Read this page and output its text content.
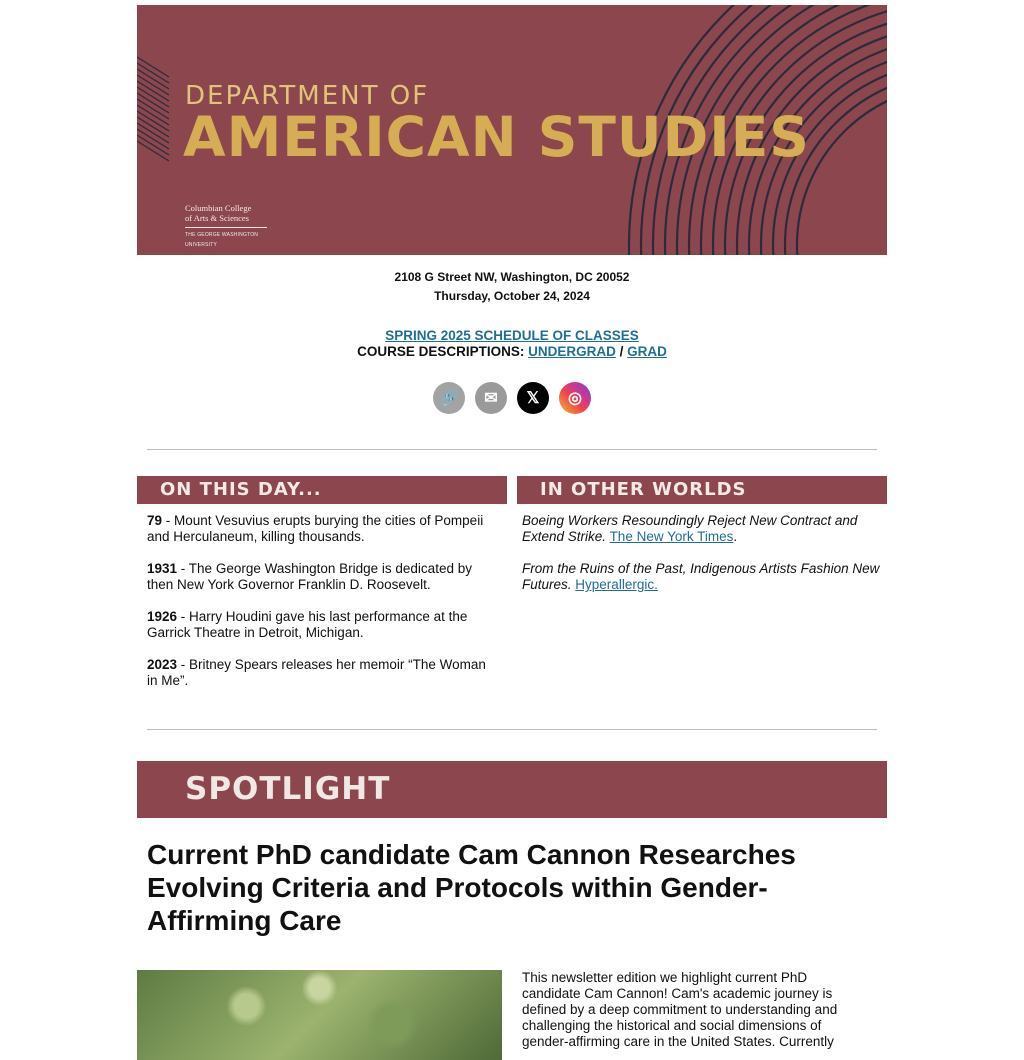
DEPARTMENT OF
AMERICAN STUDIES
Columbian College
of Arts & Sciences
THE GEORGE WASHINGTON UNIVERSITY
2108 G Street NW, Washington, DC 20052
Thursday, October 24, 2024
SPRING 2025 SCHEDULE OF CLASSES
COURSE DESCRIPTIONS: UNDERGRAD / GRAD
🔗	✉	𝕏	◎
ON THIS DAY...
79 - Mount Vesuvius erupts burying the cities of Pompeii and Herculaneum, killing thousands.
1931 - The George Washington Bridge is dedicated by then New York Governor Franklin D. Roosevelt.
1926 - Harry Houdini gave his last performance at the Garrick Theatre in Detroit, Michigan.
2023 - Britney Spears releases her memoir “The Woman in Me”.
IN OTHER WORLDS
Boeing Workers Resoundingly Reject New Contract and Extend Strike. The New York Times.
From the Ruins of the Past, Indigenous Artists Fashion New Futures. Hyperallergic.
SPOTLIGHT
Current PhD candidate Cam Cannon Researches Evolving Criteria and Protocols within Gender-Affirming Care
This newsletter edition we highlight current PhD candidate Cam Cannon! Cam's academic journey is defined by a deep commitment to understanding and challenging the historical and social dimensions of gender-affirming care in the United States. Currently
